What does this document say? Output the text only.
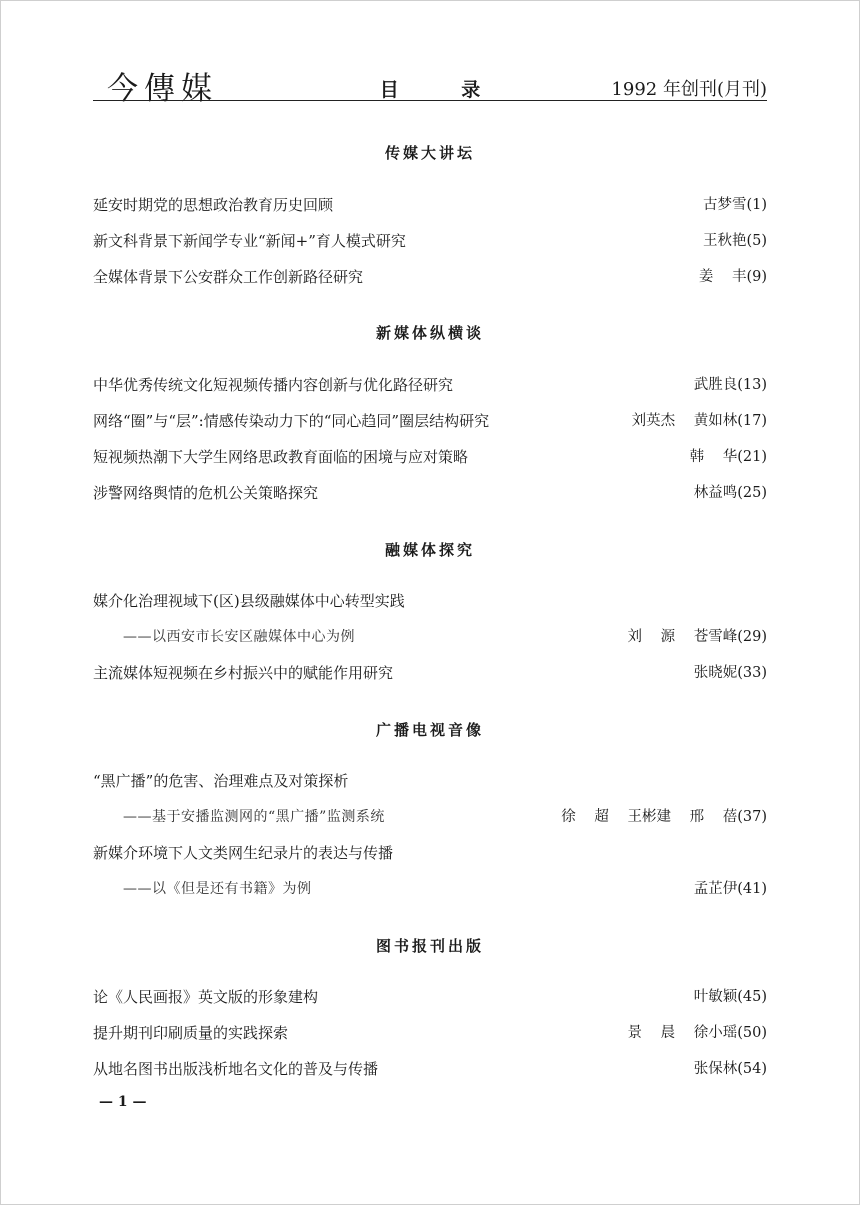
今傳媒	目 录	1992 年创刊(月刊)
传媒大讲坛
延安时期党的思想政治教育历史回顾	古梦雪(1)
新文科背景下新闻学专业“新闻+”育人模式研究	王秋艳(5)
全媒体背景下公安群众工作创新路径研究	姜 丰(9)
新媒体纵横谈
中华优秀传统文化短视频传播内容创新与优化路径研究	武胜良(13)
网络“圈”与“层”:情感传染动力下的“同心趋同”圈层结构研究	刘英杰 黄如林(17)
短视频热潮下大学生网络思政教育面临的困境与应对策略	韩 华(21)
涉警网络舆情的危机公关策略探究	林益鸣(25)
融媒体探究
媒介化治理视域下(区)县级融媒体中心转型实践
——以西安市长安区融媒体中心为例	刘 源 苍雪峰(29)
主流媒体短视频在乡村振兴中的赋能作用研究	张晓妮(33)
广播电视音像
“黑广播”的危害、治理难点及对策探析
——基于安播监测网的“黑广播”监测系统	徐 超 王彬建 邢 蓓(37)
新媒介环境下人文类网生纪录片的表达与传播
——以《但是还有书籍》为例	孟芷伊(41)
图书报刊出版
论《人民画报》英文版的形象建构	叶敏颖(45)
提升期刊印刷质量的实践探索	景 晨 徐小瑶(50)
从地名图书出版浅析地名文化的普及与传播	张保林(54)
— 1 —
